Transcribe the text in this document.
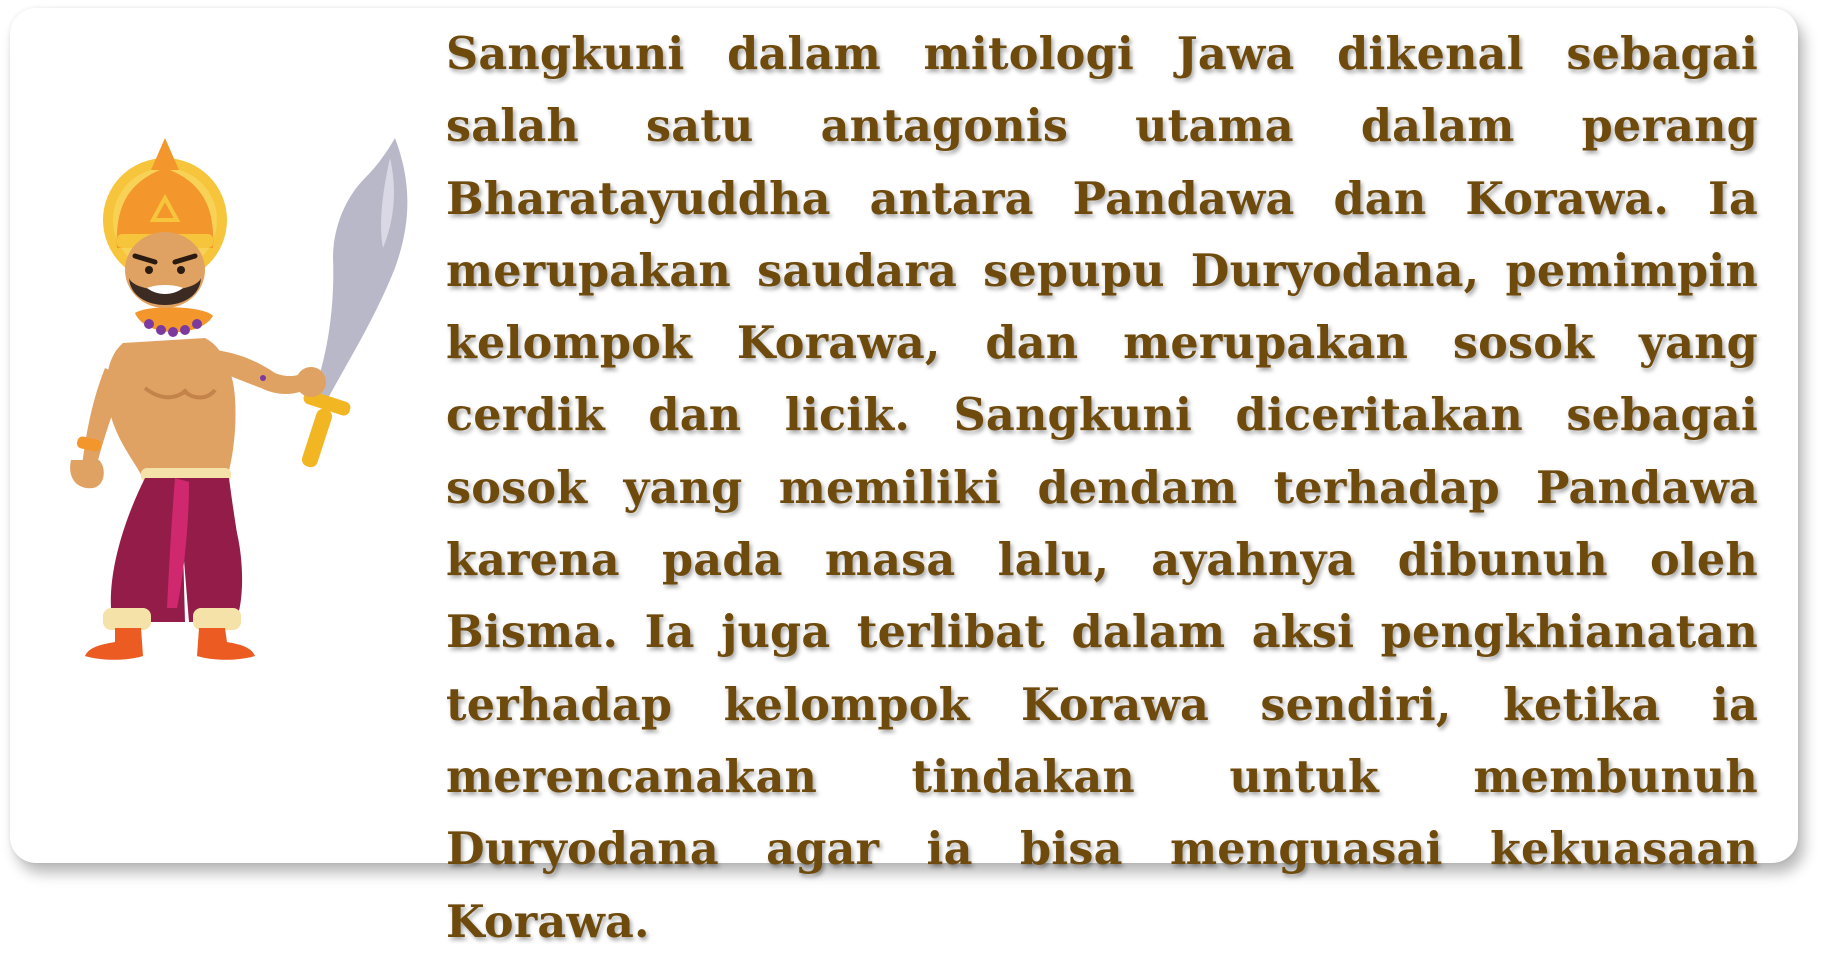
Sangkuni dalam mitologi Jawa dikenal sebagai salah satu antagonis utama dalam perang Bharatayuddha antara Pandawa dan Korawa. Ia merupakan saudara sepupu Duryodana, pemimpin kelompok Korawa, dan merupakan sosok yang cerdik dan licik. Sangkuni diceritakan sebagai sosok yang memiliki dendam terhadap Pandawa karena pada masa lalu, ayahnya dibunuh oleh Bisma. Ia juga terlibat dalam aksi pengkhianatan terhadap kelompok Korawa sendiri, ketika ia merencanakan tindakan untuk membunuh Duryodana agar ia bisa menguasai kekuasaan Korawa.
